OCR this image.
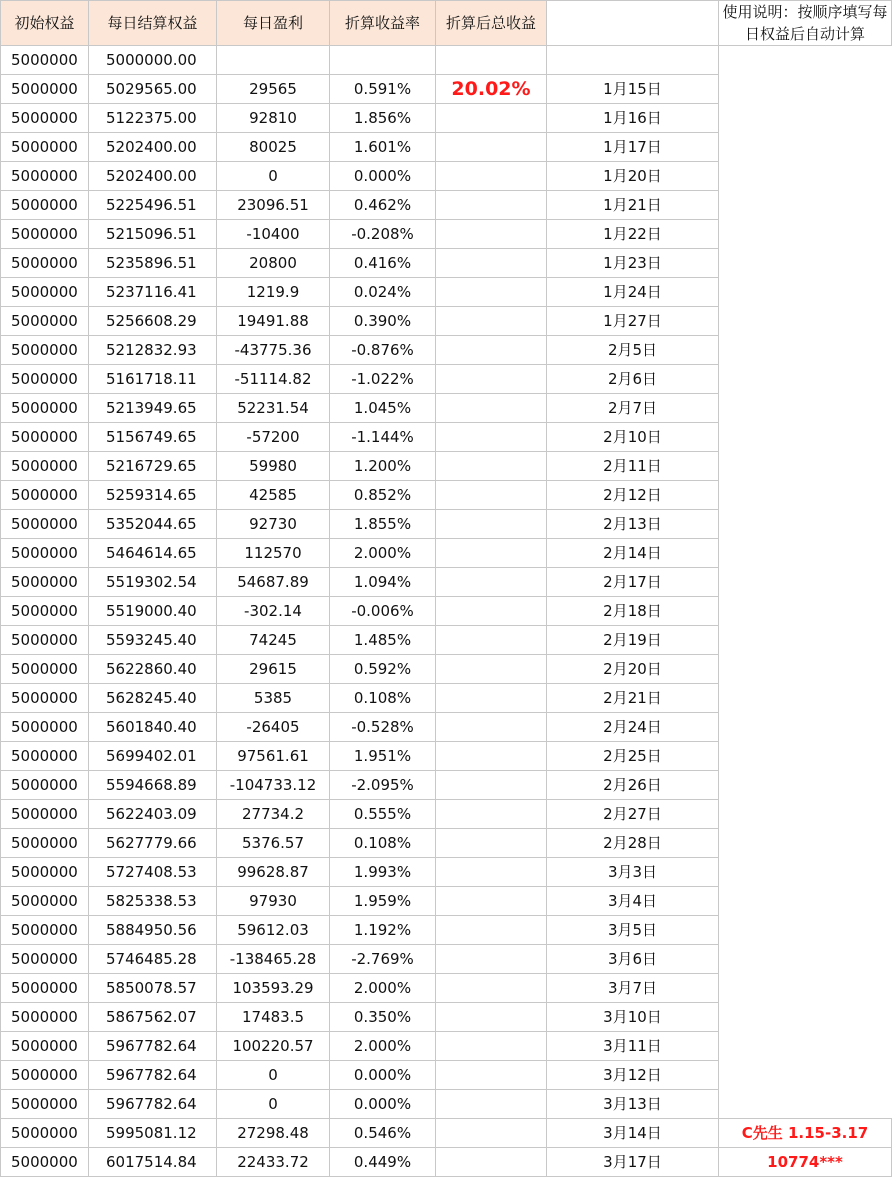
初始权益	每日结算权益	每日盈利	折算收益率	折算后总收益		使用说明：按顺序填写每日权益后自动计算
5000000	5000000.00					
5000000	5029565.00	29565	0.591%	20.02%	1月15日	
5000000	5122375.00	92810	1.856%		1月16日	
5000000	5202400.00	80025	1.601%		1月17日	
5000000	5202400.00	0	0.000%		1月20日	
5000000	5225496.51	23096.51	0.462%		1月21日	
5000000	5215096.51	-10400	-0.208%		1月22日	
5000000	5235896.51	20800	0.416%		1月23日	
5000000	5237116.41	1219.9	0.024%		1月24日	
5000000	5256608.29	19491.88	0.390%		1月27日	
5000000	5212832.93	-43775.36	-0.876%		2月5日	
5000000	5161718.11	-51114.82	-1.022%		2月6日	
5000000	5213949.65	52231.54	1.045%		2月7日	
5000000	5156749.65	-57200	-1.144%		2月10日	
5000000	5216729.65	59980	1.200%		2月11日	
5000000	5259314.65	42585	0.852%		2月12日	
5000000	5352044.65	92730	1.855%		2月13日	
5000000	5464614.65	112570	2.000%		2月14日	
5000000	5519302.54	54687.89	1.094%		2月17日	
5000000	5519000.40	-302.14	-0.006%		2月18日	
5000000	5593245.40	74245	1.485%		2月19日	
5000000	5622860.40	29615	0.592%		2月20日	
5000000	5628245.40	5385	0.108%		2月21日	
5000000	5601840.40	-26405	-0.528%		2月24日	
5000000	5699402.01	97561.61	1.951%		2月25日	
5000000	5594668.89	-104733.12	-2.095%		2月26日	
5000000	5622403.09	27734.2	0.555%		2月27日	
5000000	5627779.66	5376.57	0.108%		2月28日	
5000000	5727408.53	99628.87	1.993%		3月3日	
5000000	5825338.53	97930	1.959%		3月4日	
5000000	5884950.56	59612.03	1.192%		3月5日	
5000000	5746485.28	-138465.28	-2.769%		3月6日	
5000000	5850078.57	103593.29	2.000%		3月7日	
5000000	5867562.07	17483.5	0.350%		3月10日	
5000000	5967782.64	100220.57	2.000%		3月11日	
5000000	5967782.64	0	0.000%		3月12日	
5000000	5967782.64	0	0.000%		3月13日	
5000000	5995081.12	27298.48	0.546%		3月14日	C先生 1.15-3.17
5000000	6017514.84	22433.72	0.449%		3月17日	10774***
